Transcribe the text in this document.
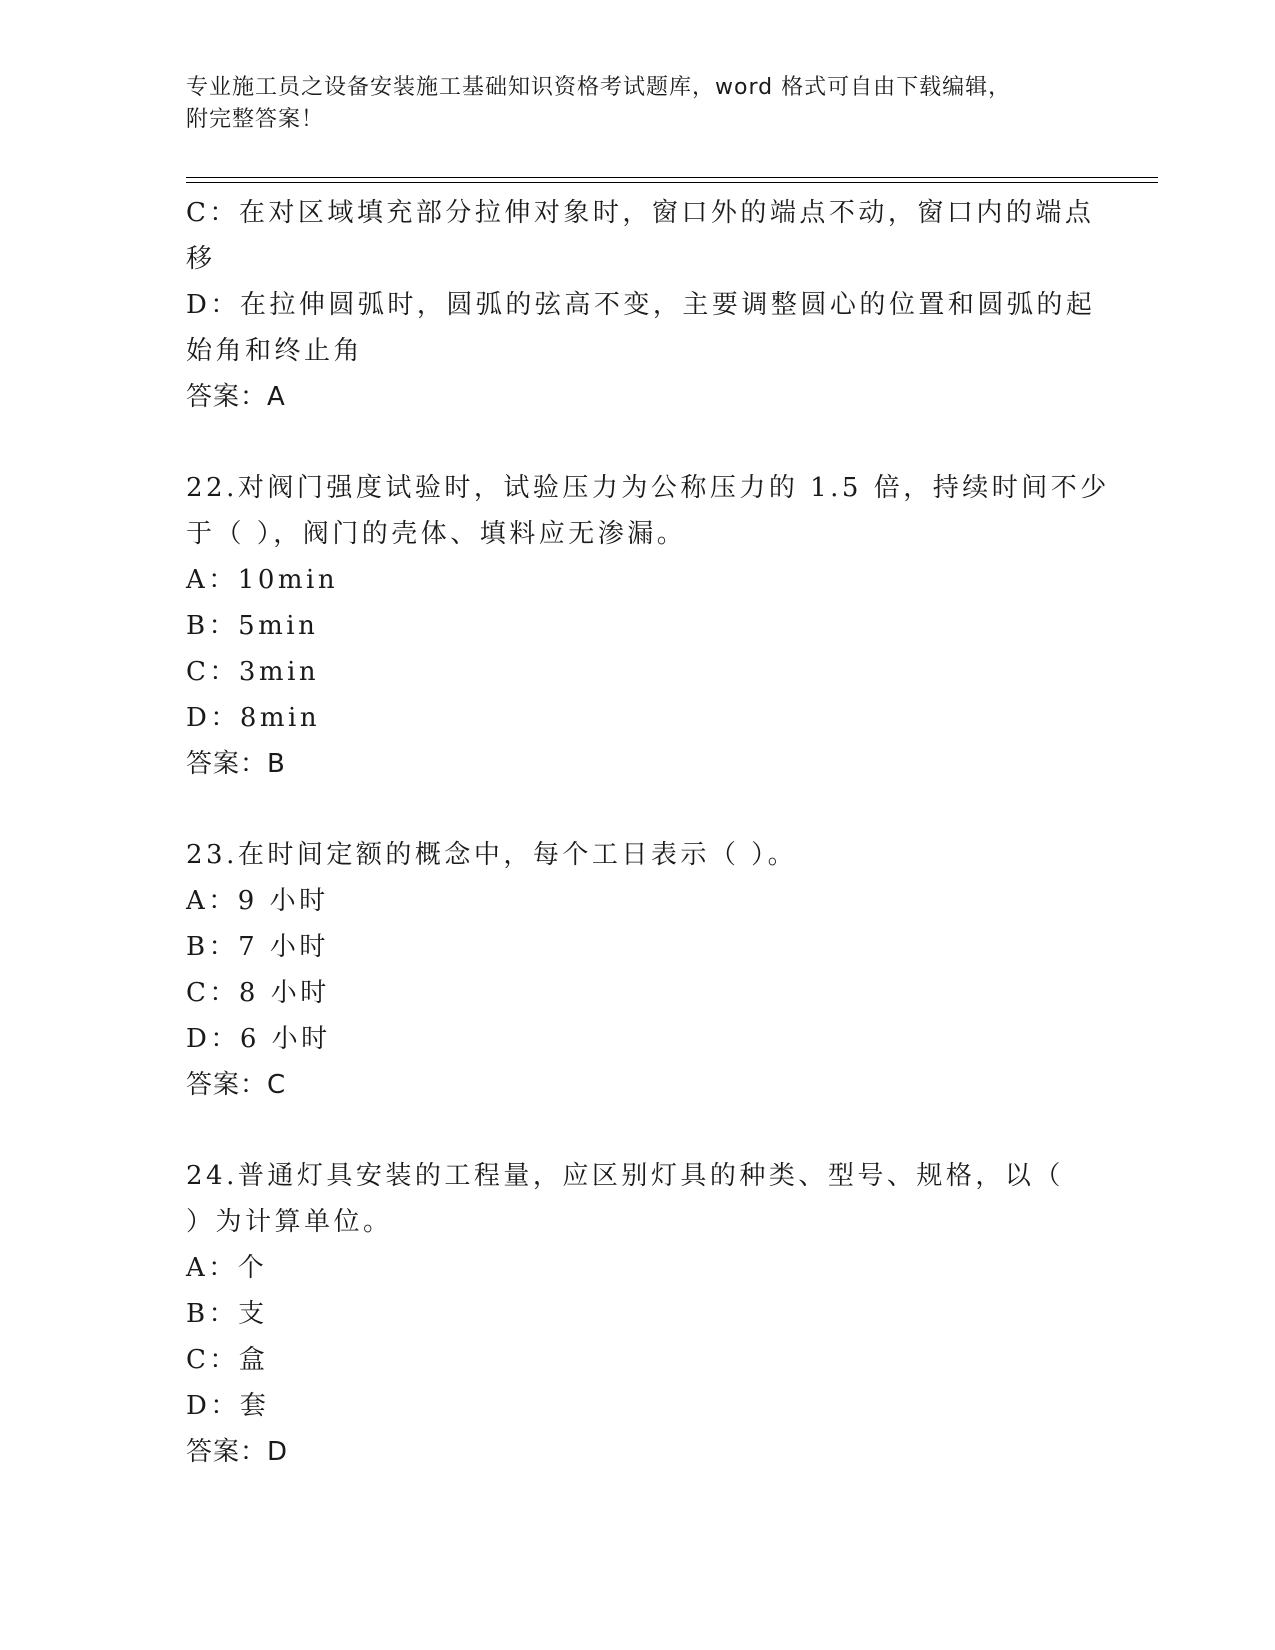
专业施工员之设备安装施工基础知识资格考试题库，word 格式可自由下载编辑，
附完整答案！
C：在对区域填充部分拉伸对象时，窗口外的端点不动，窗口内的端点
移
D：在拉伸圆弧时，圆弧的弦高不变，主要调整圆心的位置和圆弧的起
始角和终止角
答案：A
22.对阀门强度试验时，试验压力为公称压力的 1.5 倍，持续时间不少
于（ ），阀门的壳体、填料应无渗漏。
A：10min
B：5min
C：3min
D：8min
答案：B
23.在时间定额的概念中，每个工日表示（ ）。
A：9 小时
B：7 小时
C：8 小时
D：6 小时
答案：C
24.普通灯具安装的工程量，应区别灯具的种类、型号、规格，以（
）为计算单位。
A：个
B：支
C：盒
D：套
答案：D
